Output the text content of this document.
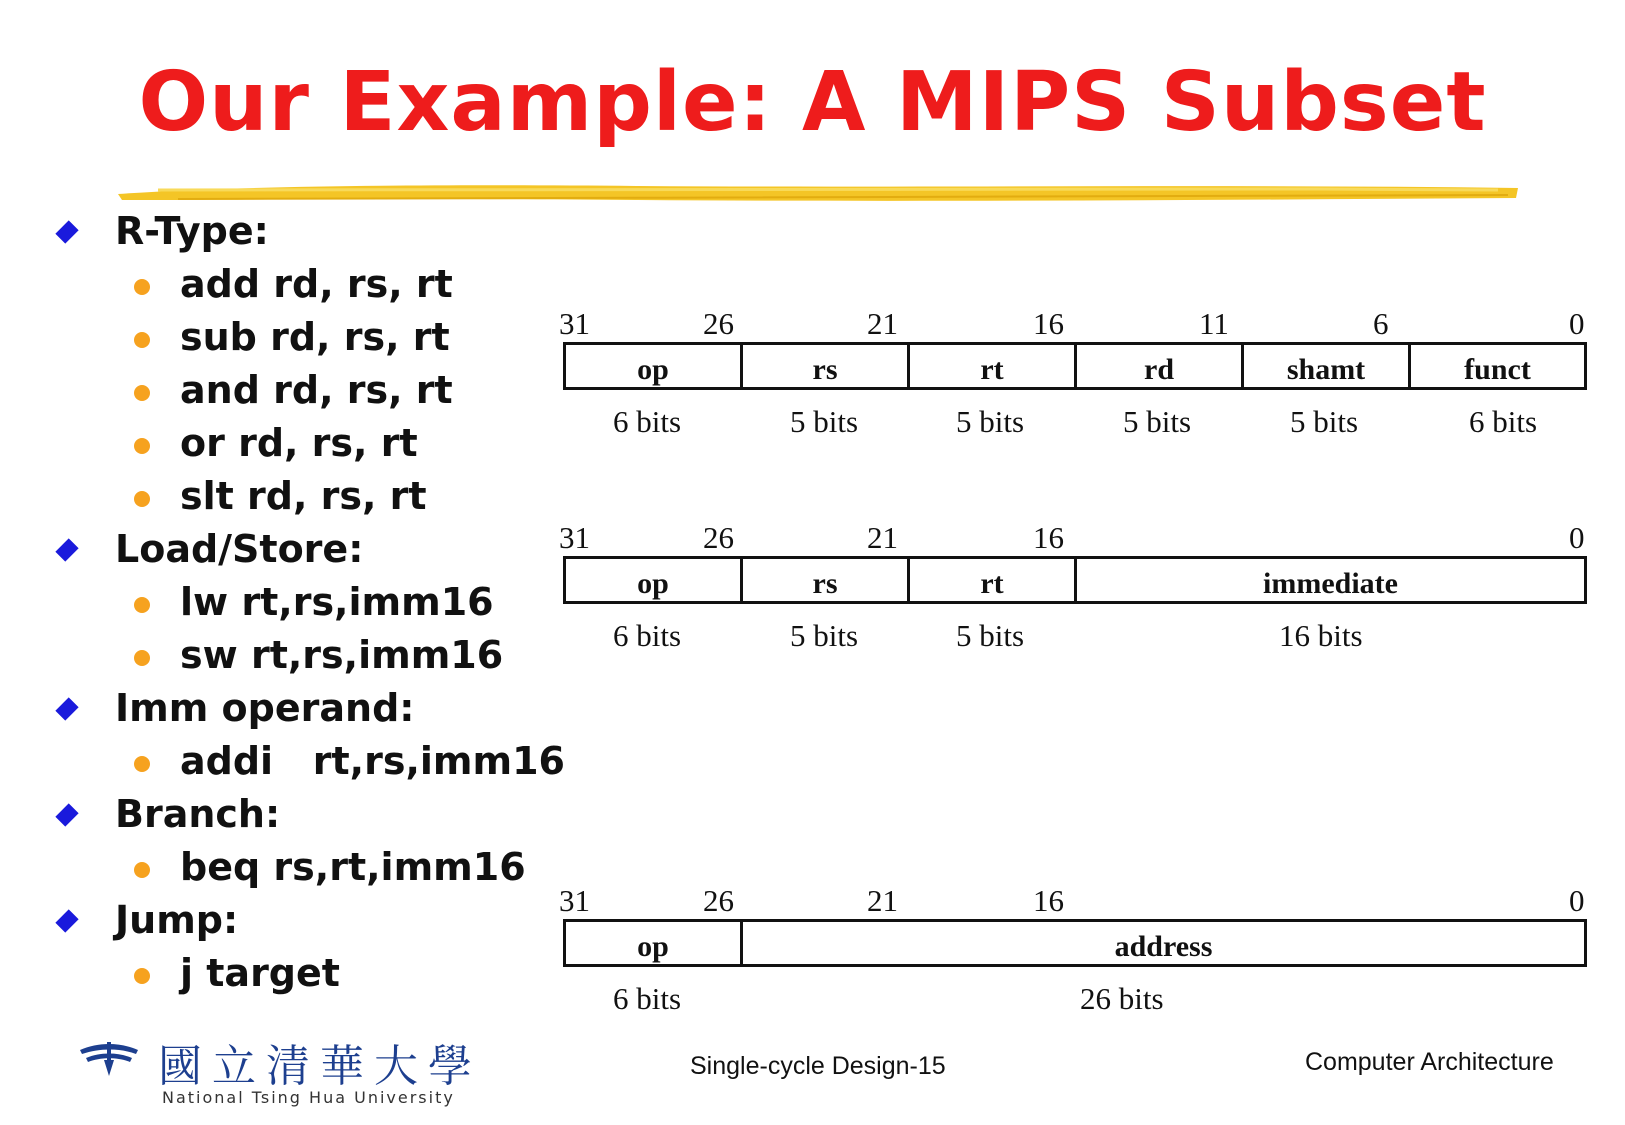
Our Example: A MIPS Subset
R-Type:
add rd, rs, rt
sub rd, rs, rt
and rd, rs, rt
or rd, rs, rt
slt rd, rs, rt
Load/Store:
lw rt,rs,imm16
sw rt,rs,imm16
Imm operand:
addi   rt,rs,imm16
Branch:
beq rs,rt,imm16
Jump:
j target
31	26	21	16	11	6	0
op	rs	rt	rd	shamt	funct
6 bits	5 bits	5 bits	5 bits	5 bits	6 bits
31	26	21	16	0
op	rs	rt	immediate
6 bits	5 bits	5 bits	16 bits
31	26	21	16	0
op	address
6 bits	26 bits
國立清華大學
National Tsing Hua University
Single-cycle Design-15	Computer Architecture
